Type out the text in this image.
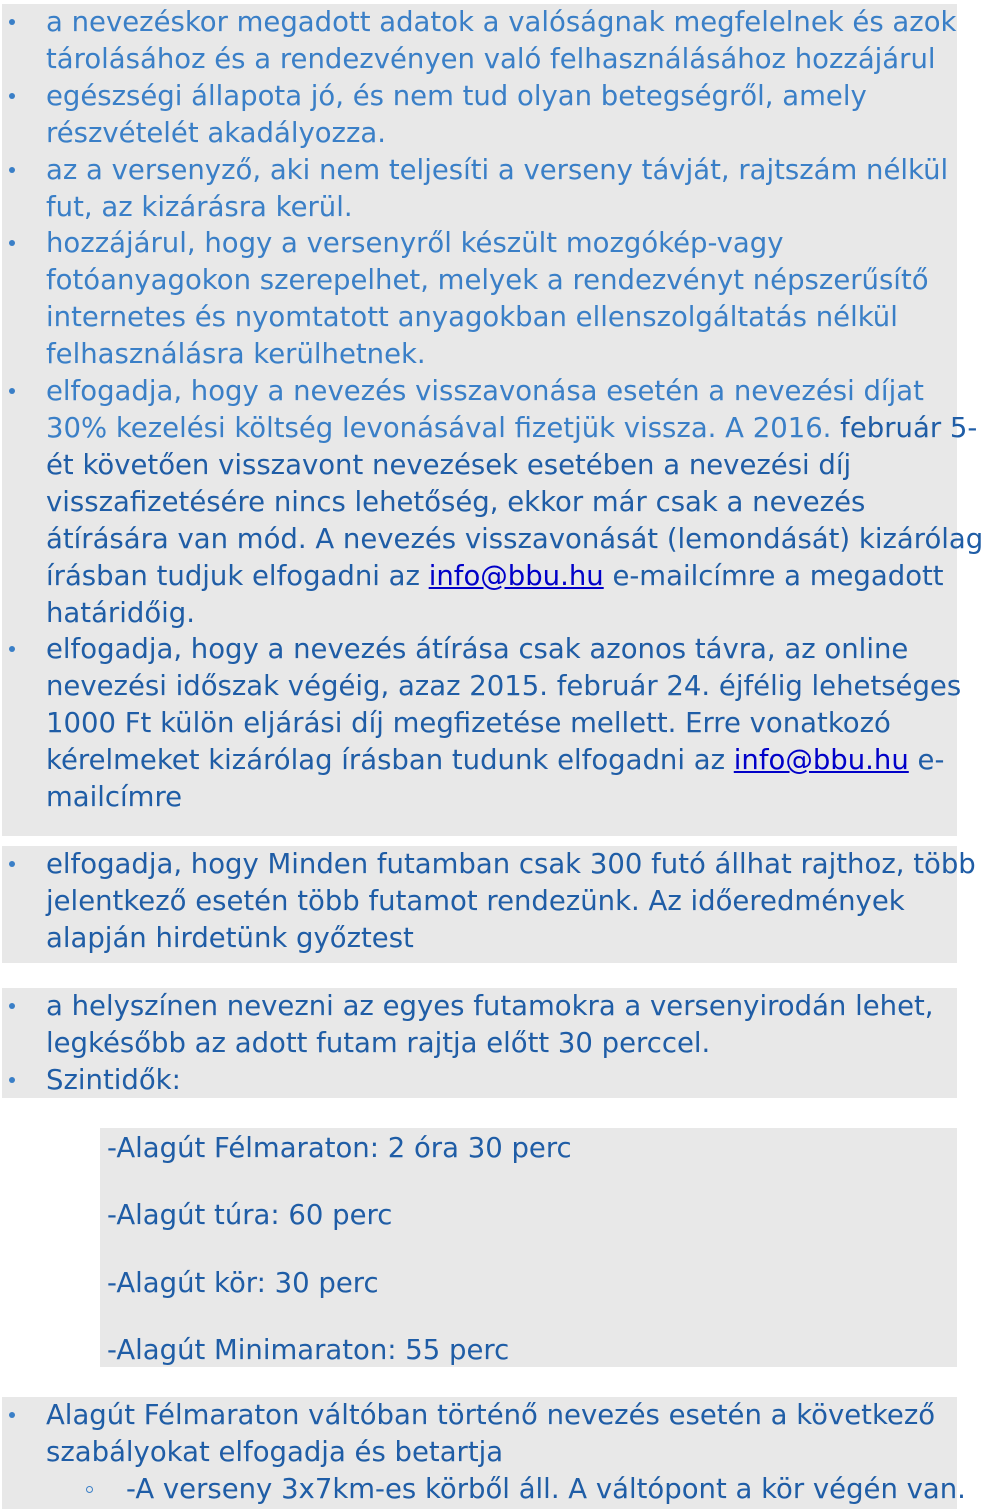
a nevezéskor megadott adatok a valóságnak megfelelnek és azok
tárolásához és a rendezvényen való felhasználásához hozzájárul
egészségi állapota jó, és nem tud olyan betegségről, amely
részvételét akadályozza.
az a versenyző, aki nem teljesíti a verseny távját, rajtszám nélkül
fut, az kizárásra kerül.
hozzájárul, hogy a versenyről készült mozgókép-vagy
fotóanyagokon szerepelhet, melyek a rendezvényt népszerűsítő
internetes és nyomtatott anyagokban ellenszolgáltatás nélkül
felhasználásra kerülhetnek.
elfogadja, hogy a nevezés visszavonása esetén a nevezési díjat
30% kezelési költség levonásával fizetjük vissza. A 2016. február 5-
ét követően visszavont nevezések esetében a nevezési díj
visszafizetésére nincs lehetőség, ekkor már csak a nevezés
átírására van mód. A nevezés visszavonását (lemondását) kizárólag
írásban tudjuk elfogadni az info@bbu.hu e-mailcímre a megadott
határidőig.
elfogadja, hogy a nevezés átírása csak azonos távra, az online
nevezési időszak végéig, azaz 2015. február 24. éjfélig lehetséges
1000 Ft külön eljárási díj megfizetése mellett. Erre vonatkozó
kérelmeket kizárólag írásban tudunk elfogadni az info@bbu.hu e-
mailcímre
elfogadja, hogy Minden futamban csak 300 futó állhat rajthoz, több
jelentkező esetén több futamot rendezünk. Az időeredmények
alapján hirdetünk győztest
a helyszínen nevezni az egyes futamokra a versenyirodán lehet,
legkésőbb az adott futam rajtja előtt 30 perccel.
Szintidők:
-Alagút Félmaraton: 2 óra 30 perc
-Alagút túra: 60 perc
-Alagút kör: 30 perc
-Alagút Minimaraton: 55 perc
Alagút Félmaraton váltóban történő nevezés esetén a következő
szabályokat elfogadja és betartja
-A verseny 3x7km-es körből áll. A váltópont a kör végén van.
